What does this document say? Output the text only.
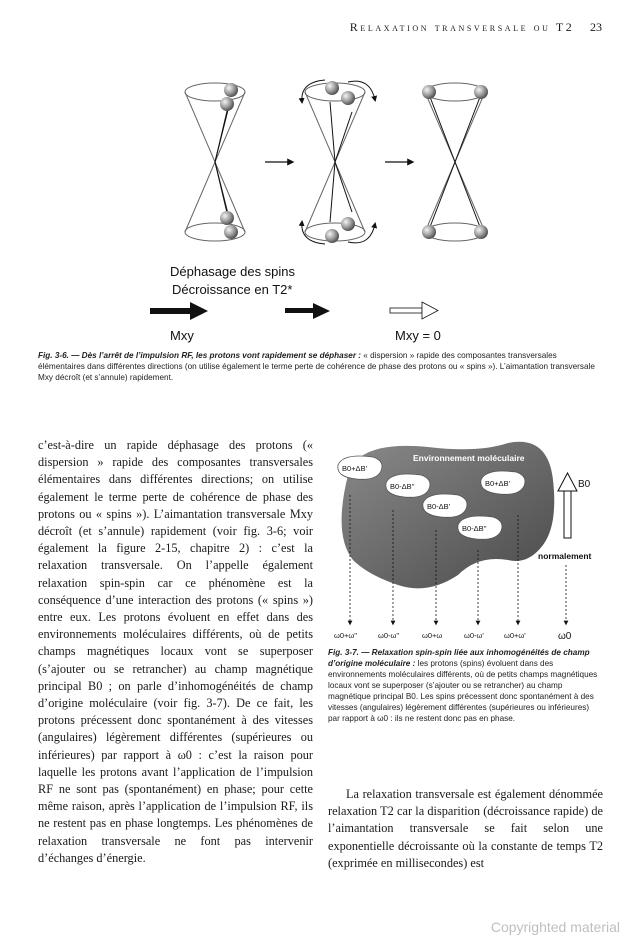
Relaxation transversale ou T2 23
Déphasage des spins
Décroissance en T2*
Mxy	Mxy = 0
Fig. 3-6. — Dès l’arrêt de l’impulsion RF, les protons vont rapidement se déphaser : « dispersion » rapide des composantes transversales élémentaires dans différentes directions (on utilise également le terme perte de cohérence de phase des protons ou « spins »). L’aimantation transversale Mxy décroît (et s’annule) rapidement.

c’est-à-dire un rapide déphasage des protons (« dispersion » rapide des composantes transversales élémentaires dans différentes directions; on utilise également le terme perte de cohérence de phase des protons ou « spins »). L’aimantation transversale Mxy décroît (et s’annule) rapidement (voir fig. 3-6; voir également la figure 2-15, chapitre 2) : c’est la relaxation transversale. On l’appelle également relaxation spin-spin car ce phénomène est la conséquence d’une interaction des protons (« spins ») entre eux. Les protons évoluent en effet dans des environnements moléculaires différents, où de petits champs magnétiques locaux vont se superposer (s’ajouter ou se retrancher) au champ magnétique principal B0 ; on parle d’inhomogénéités de champ d’origine moléculaire (voir fig. 3-7). De ce fait, les protons précessent donc spontanément à des vitesses (angulaires) légèrement différentes (supérieures ou inférieures) par rapport à ω0 : c’est la raison pour laquelle les protons avant l’application de l’impulsion RF ne sont pas (spontanément) en phase; pour cette même raison, après l’application de l’impulsion RF, ils ne restent pas en phase longtemps. Les phénomènes de relaxation transversale ne font pas intervenir d’échanges d’énergie.

Environnement moléculaire
B0+ΔB'
B0-ΔB''	B0+ΔB'
B0-ΔB'
B0-ΔB''
B0
normalement
ω0+ω''	ω0-ω''	ω0+ω	ω0-ω'	ω0+ω'	ω0
Fig. 3-7. — Relaxation spin-spin liée aux inhomogénéités de champ d’origine moléculaire : les protons (spins) évoluent dans des environnements moléculaires différents, où de petits champs magnétiques locaux vont se superposer (s’ajouter ou se retrancher) au champ magnétique principal B0. Les spins précessent donc spontanément à des vitesses (angulaires) légèrement différentes (supérieures ou inférieures) par rapport à ω0 : ils ne restent donc pas en phase.

La relaxation transversale est également dénommée relaxation T2 car la disparition (décroissance rapide) de l’aimantation transversale se fait selon une exponentielle décroissante où la constante de temps T2 (exprimée en millisecondes) est

Copyrighted material
